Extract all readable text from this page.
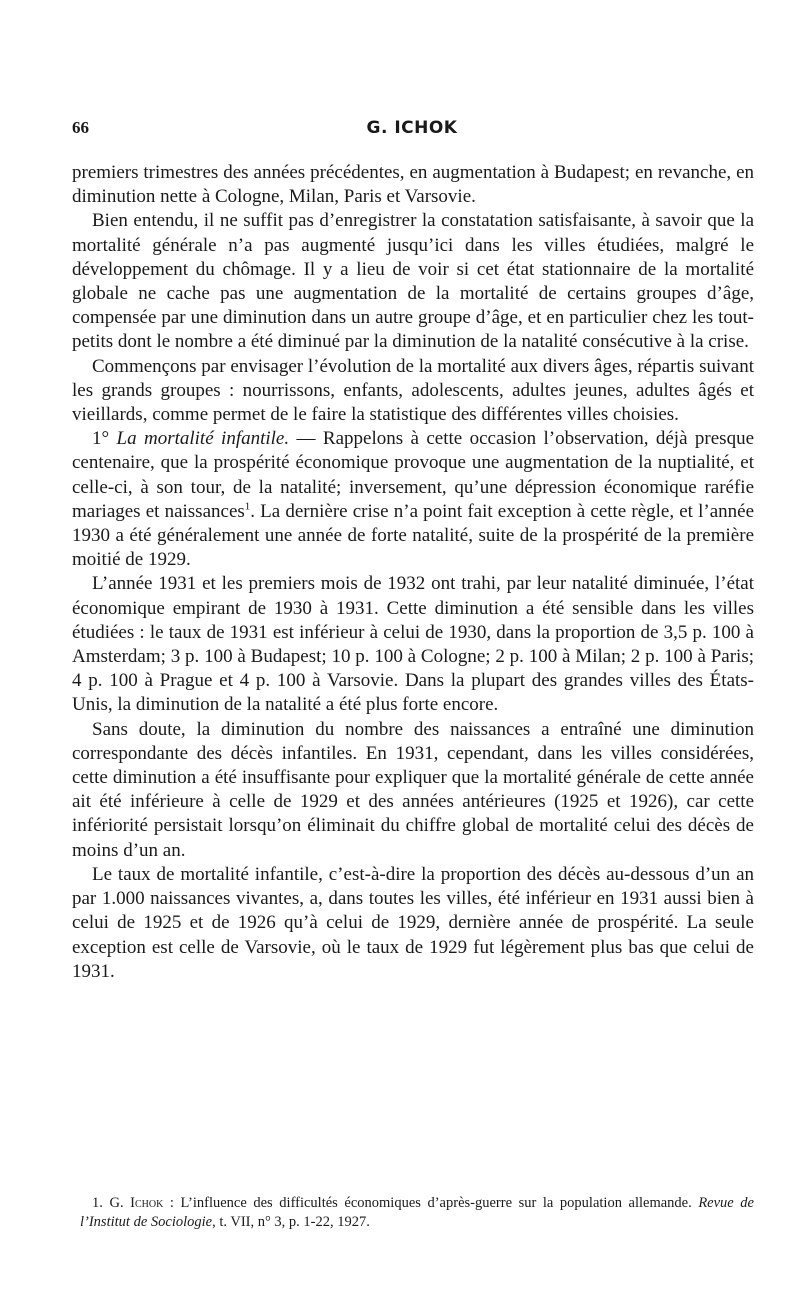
66	G. ICHOK

premiers trimestres des années précédentes, en augmentation à Budapest; en revanche, en diminution nette à Cologne, Milan, Paris et Varsovie.

Bien entendu, il ne suffit pas d’enregistrer la constatation satisfaisante, à savoir que la mortalité générale n’a pas augmenté jusqu’ici dans les villes étudiées, malgré le développement du chômage. Il y a lieu de voir si cet état stationnaire de la mortalité globale ne cache pas une augmentation de la mortalité de certains groupes d’âge, compensée par une diminution dans un autre groupe d’âge, et en particulier chez les tout-petits dont le nombre a été diminué par la diminution de la natalité consécutive à la crise.

Commençons par envisager l’évolution de la mortalité aux divers âges, répartis suivant les grands groupes : nourrissons, enfants, adolescents, adultes jeunes, adultes âgés et vieillards, comme permet de le faire la statistique des différentes villes choisies.

1° La mortalité infantile. — Rappelons à cette occasion l’observation, déjà presque centenaire, que la prospérité économique provoque une augmentation de la nuptialité, et celle-ci, à son tour, de la natalité; inversement, qu’une dépression économique raréfie mariages et naissances$^1$. La dernière crise n’a point fait exception à cette règle, et l’année 1930 a été généralement une année de forte natalité, suite de la prospérité de la première moitié de 1929.

L’année 1931 et les premiers mois de 1932 ont trahi, par leur natalité diminuée, l’état économique empirant de 1930 à 1931. Cette diminution a été sensible dans les villes étudiées : le taux de 1931 est inférieur à celui de 1930, dans la proportion de 3,5 p. 100 à Amsterdam; 3 p. 100 à Budapest; 10 p. 100 à Cologne; 2 p. 100 à Milan; 2 p. 100 à Paris; 4 p. 100 à Prague et 4 p. 100 à Varsovie. Dans la plupart des grandes villes des États-Unis, la diminution de la natalité a été plus forte encore.

Sans doute, la diminution du nombre des naissances a entraîné une diminution correspondante des décès infantiles. En 1931, cependant, dans les villes considérées, cette diminution a été insuffisante pour expliquer que la mortalité générale de cette année ait été inférieure à celle de 1929 et des années antérieures (1925 et 1926), car cette infériorité persistait lorsqu’on éliminait du chiffre global de mortalité celui des décès de moins d’un an.

Le taux de mortalité infantile, c’est-à-dire la proportion des décès au-dessous d’un an par 1.000 naissances vivantes, a, dans toutes les villes, été inférieur en 1931 aussi bien à celui de 1925 et de 1926 qu’à celui de 1929, dernière année de prospérité. La seule exception est celle de Varsovie, où le taux de 1929 fut légèrement plus bas que celui de 1931.

1. G. Ichok : L’influence des difficultés économiques d’après-guerre sur la population allemande. Revue de l’Institut de Sociologie, t. VII, n° 3, p. 1-22, 1927.
